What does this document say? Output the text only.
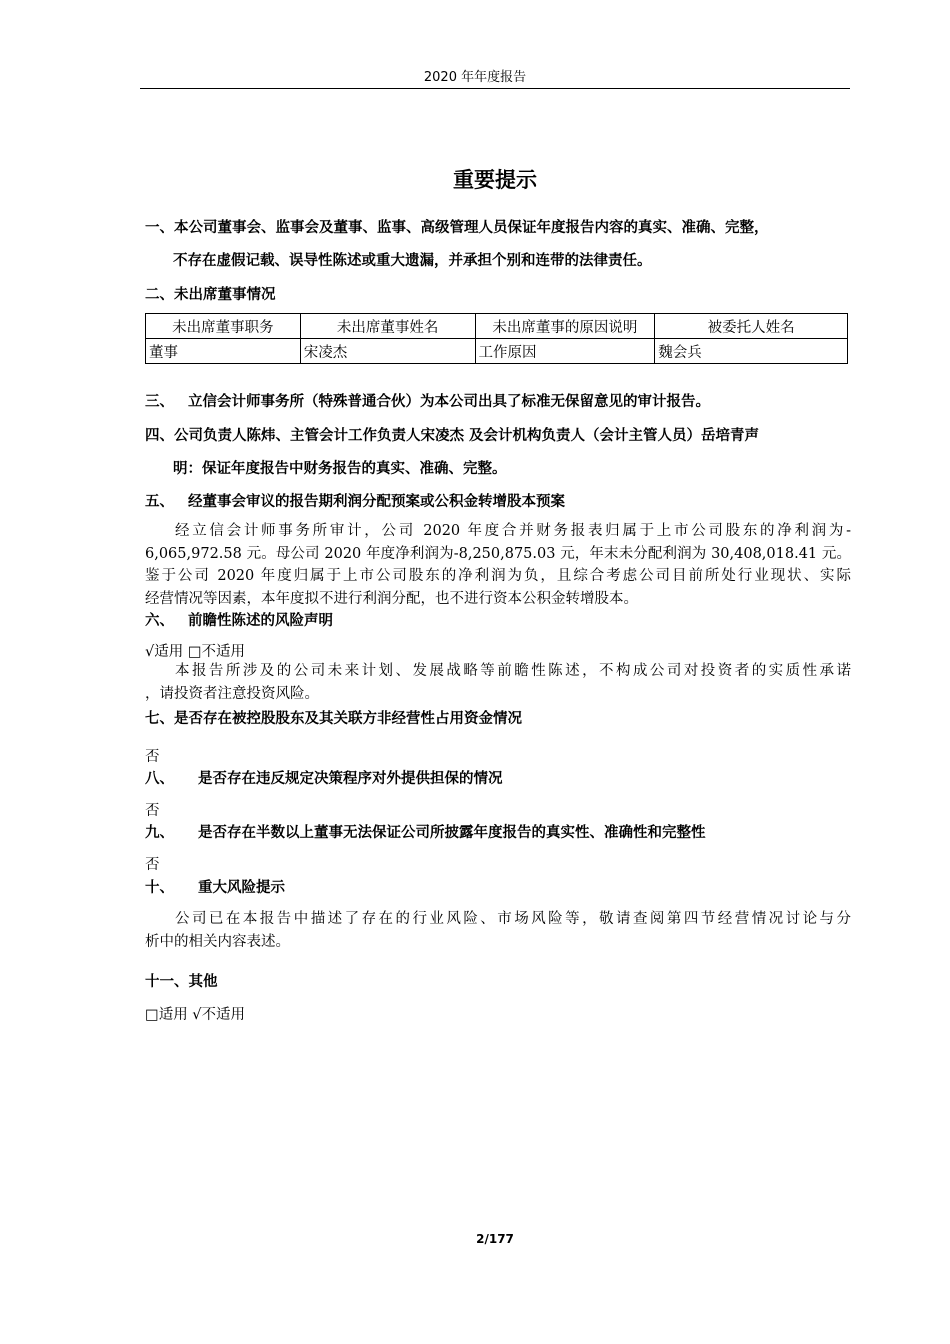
2020 年年度报告
重要提示
一、本公司董事会、监事会及董事、监事、高级管理人员保证年度报告内容的真实、准确、完整，
不存在虚假记载、误导性陈述或重大遗漏，并承担个别和连带的法律责任。
二、未出席董事情况
未出席董事职务	未出席董事姓名	未出席董事的原因说明	被委托人姓名
董事	宋凌杰	工作原因	魏会兵
三、 立信会计师事务所（特殊普通合伙）为本公司出具了标准无保留意见的审计报告。
四、公司负责人陈炜、主管会计工作负责人宋凌杰 及会计机构负责人（会计主管人员）岳培青声
明：保证年度报告中财务报告的真实、准确、完整。
五、 经董事会审议的报告期利润分配预案或公积金转增股本预案
经立信会计师事务所审计，公司 2020 年度合并财务报表归属于上市公司股东的净利润为-
6,065,972.58 元。母公司 2020 年度净利润为-8,250,875.03 元，年末未分配利润为 30,408,018.41 元。
鉴于公司 2020 年度归属于上市公司股东的净利润为负，且综合考虑公司目前所处行业现状、实际
经营情况等因素，本年度拟不进行利润分配，也不进行资本公积金转增股本。
六、 前瞻性陈述的风险声明
√适用 □不适用
本报告所涉及的公司未来计划、发展战略等前瞻性陈述，不构成公司对投资者的实质性承诺
，请投资者注意投资风险。
七、是否存在被控股股东及其关联方非经营性占用资金情况
否
八、 是否存在违反规定决策程序对外提供担保的情况
否
九、 是否存在半数以上董事无法保证公司所披露年度报告的真实性、准确性和完整性
否
十、 重大风险提示
公司已在本报告中描述了存在的行业风险、市场风险等，敬请查阅第四节经营情况讨论与分
析中的相关内容表述。
十一、其他
□适用 √不适用
2/177
